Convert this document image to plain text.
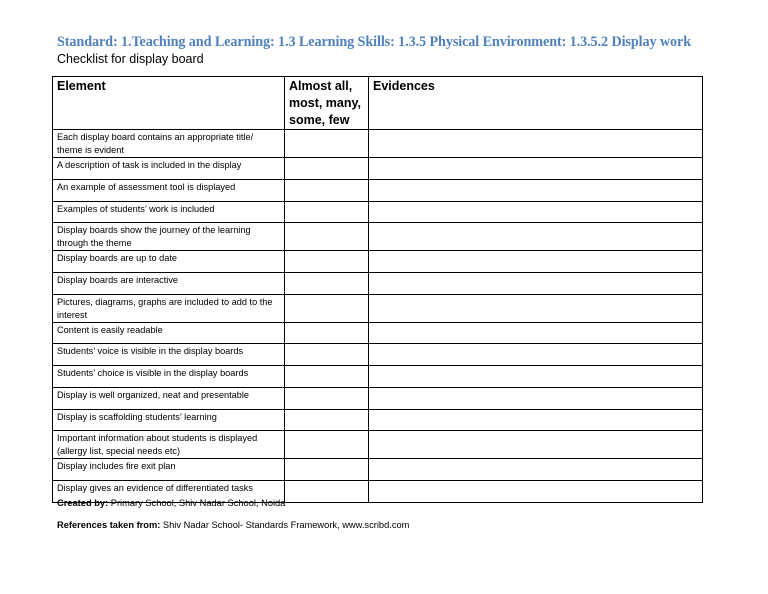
Standard: 1.Teaching and Learning: 1.3 Learning Skills: 1.3.5 Physical Environment: 1.3.5.2 Display work
Checklist for display board
Element	Almost all, most, many, some, few	Evidences
Each display board contains an appropriate title/ theme is evident		
A description of task is included in the display		
An example of assessment tool is displayed		
Examples of students’ work is included		
Display boards show the journey of the learning through the theme		
Display boards are up to date		
Display boards are interactive		
Pictures, diagrams, graphs are included to add to the interest		
Content is easily readable		
Students’ voice is visible in the display boards		
Students’ choice is visible in the display boards		
Display is well organized, neat and presentable		
Display is scaffolding students’ learning		
Important information about students is displayed (allergy list, special needs etc)		
Display includes fire exit plan		
Display gives an evidence of differentiated tasks		
Created by: Primary School, Shiv Nadar School, Noida
References taken from: Shiv Nadar School- Standards Framework, www.scribd.com
